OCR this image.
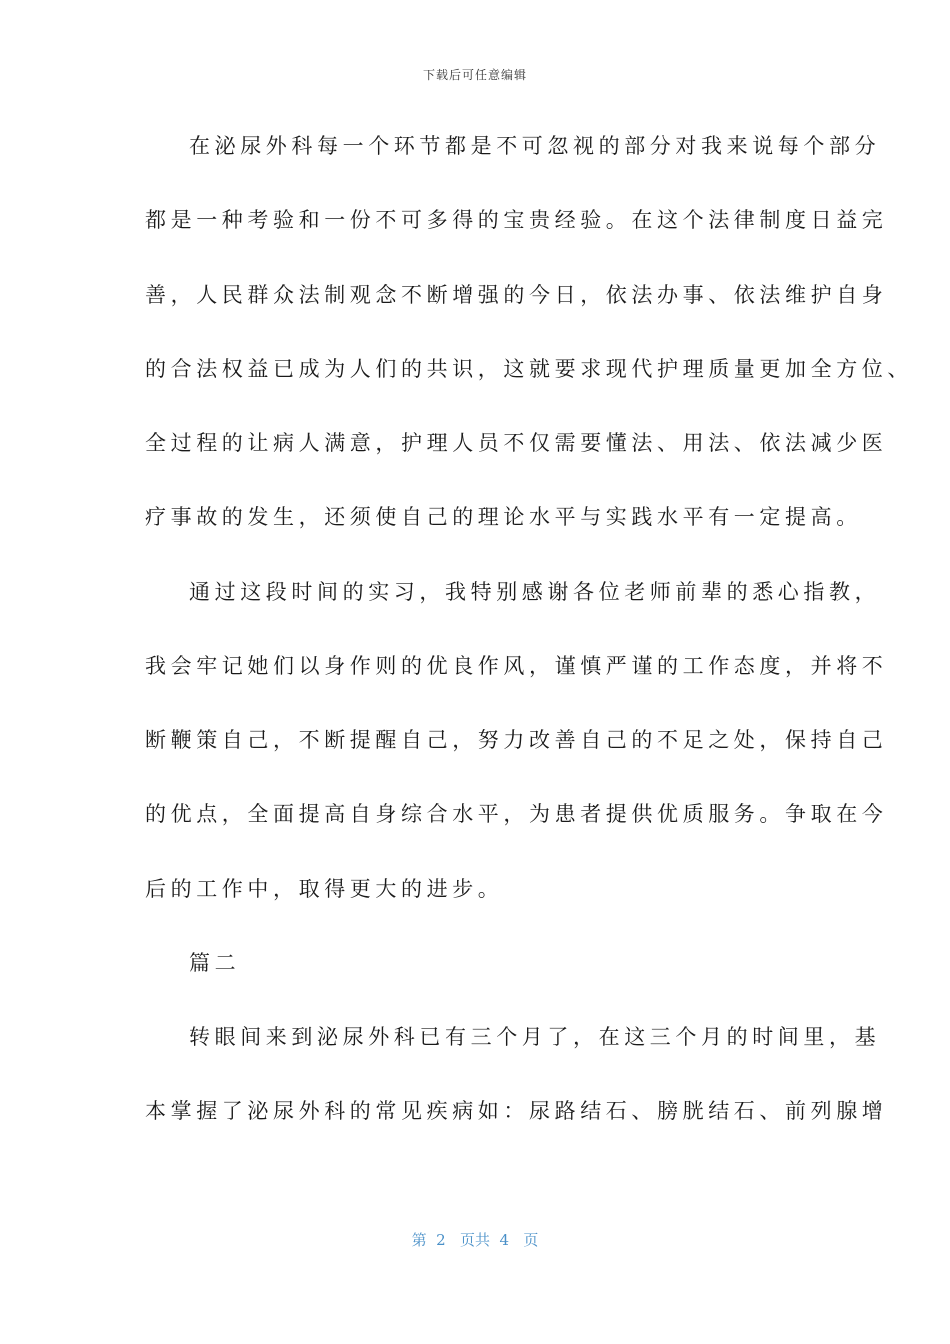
下载后可任意编辑
在泌尿外科每一个环节都是不可忽视的部分对我来说每个部分
都是一种考验和一份不可多得的宝贵经验。在这个法律制度日益完
善，人民群众法制观念不断增强的今日，依法办事、依法维护自身
的合法权益已成为人们的共识，这就要求现代护理质量更加全方位、
全过程的让病人满意，护理人员不仅需要懂法、用法、依法减少医
疗事故的发生，还须使自己的理论水平与实践水平有一定提高。
通过这段时间的实习，我特别感谢各位老师前辈的悉心指教，
我会牢记她们以身作则的优良作风，谨慎严谨的工作态度，并将不
断鞭策自己，不断提醒自己，努力改善自己的不足之处，保持自己
的优点，全面提高自身综合水平，为患者提供优质服务。争取在今
后的工作中，取得更大的进步。
篇二
转眼间来到泌尿外科已有三个月了，在这三个月的时间里，基
本掌握了泌尿外科的常见疾病如：尿路结石、膀胱结石、前列腺增
第  2   页共  4   页
